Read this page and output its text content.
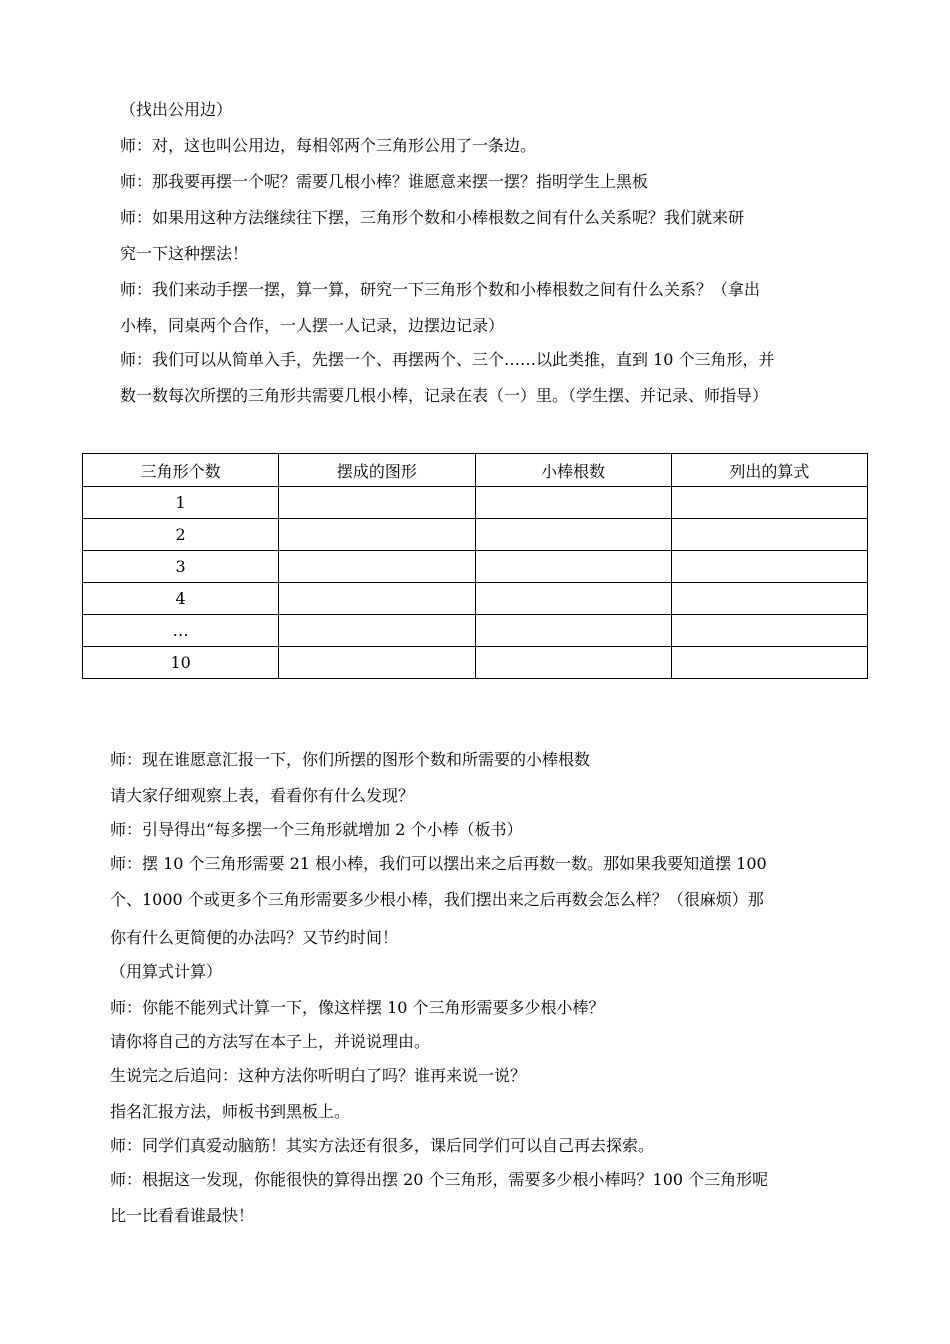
（找出公用边）
师：对，这也叫公用边，每相邻两个三角形公用了一条边。
师：那我要再摆一个呢？需要几根小棒？谁愿意来摆一摆？指明学生上黑板
师：如果用这种方法继续往下摆，三角形个数和小棒根数之间有什么关系呢？我们就来研
究一下这种摆法！
师：我们来动手摆一摆，算一算，研究一下三角形个数和小棒根数之间有什么关系？（拿出
小棒，同桌两个合作，一人摆一人记录，边摆边记录）
师：我们可以从简单入手，先摆一个、再摆两个、三个……以此类推，直到 10 个三角形，并
数一数每次所摆的三角形共需要几根小棒，记录在表（一）里。（学生摆、并记录、师指导）
三角形个数	摆成的图形	小棒根数	列出的算式
1			
2			
3			
4			
…			
10			
师：现在谁愿意汇报一下，你们所摆的图形个数和所需要的小棒根数
请大家仔细观察上表，看看你有什么发现？
师：引导得出“每多摆一个三角形就增加 2 个小棒（板书）
师：摆 10 个三角形需要 21 根小棒，我们可以摆出来之后再数一数。那如果我要知道摆 100
个、1000 个或更多个三角形需要多少根小棒，我们摆出来之后再数会怎么样？（很麻烦）那
你有什么更简便的办法吗？又节约时间！
（用算式计算）
师：你能不能列式计算一下，像这样摆 10 个三角形需要多少根小棒？
请你将自己的方法写在本子上，并说说理由。
生说完之后追问：这种方法你听明白了吗？谁再来说一说？
指名汇报方法，师板书到黑板上。
师：同学们真爱动脑筋！其实方法还有很多，课后同学们可以自己再去探索。
师：根据这一发现，你能很快的算得出摆 20 个三角形，需要多少根小棒吗？100 个三角形呢
比一比看看谁最快！
